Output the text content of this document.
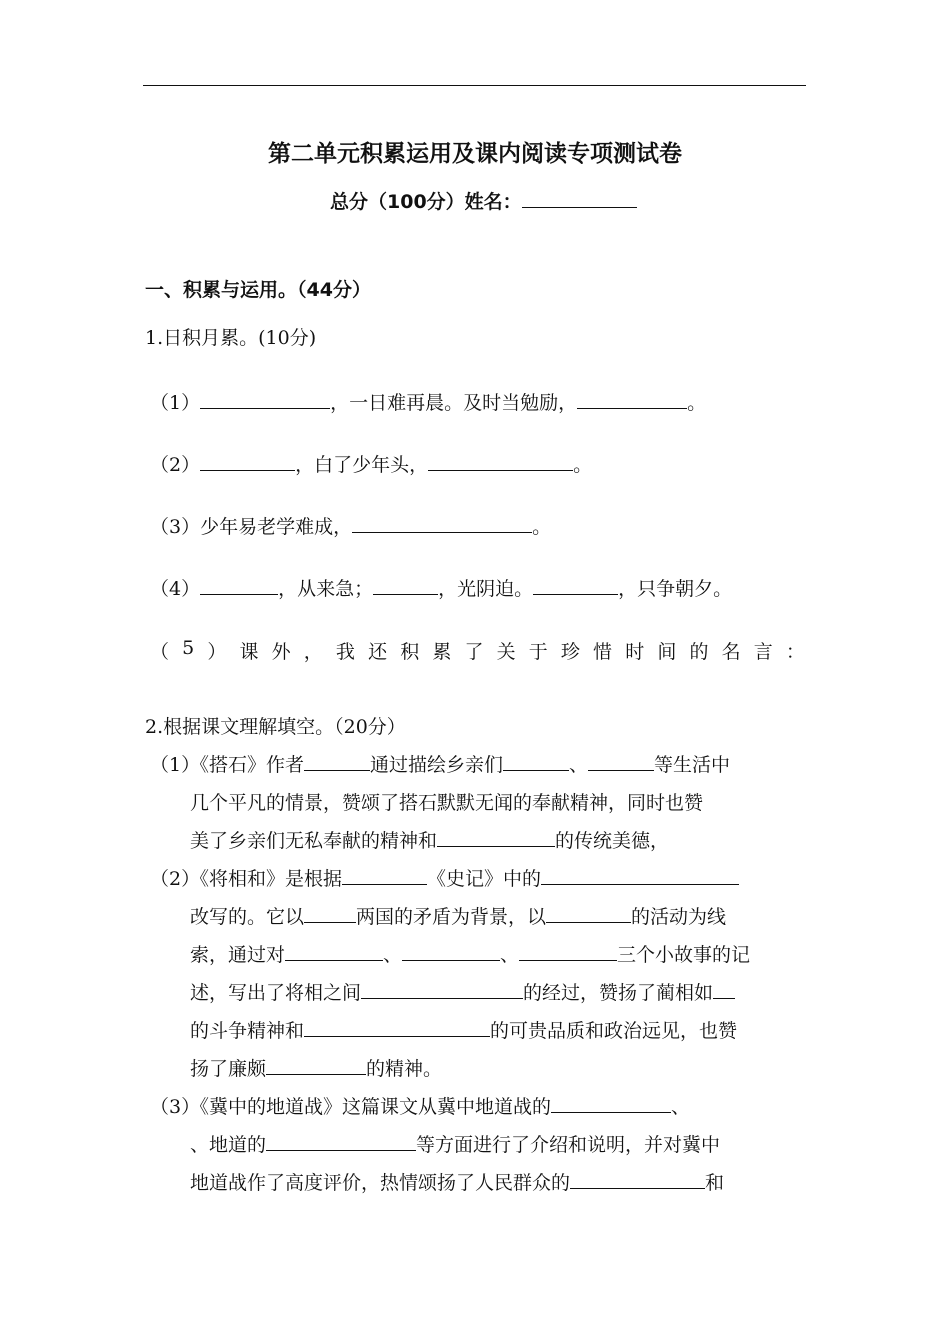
第二单元积累运用及课内阅读专项测试卷
总分（100分）姓名：
一、积累与运用。（44分）
1.日积月累。(10分)
（1）	，一日难再晨。及时当勉励，	。
（2）	，白了少年头，	。
（3）少年易老学难成，	。
（4）	，从来急；	，光阴迫。	，只争朝夕。
（ 5 ） 课 外 ， 我 还 积 累 了 关 于 珍 惜 时 间 的 名 言 ：
2.根据课文理解填空。（20分）
（1）
《搭石》作者	通过描绘乡亲们	、	等生活中
几个平凡的情景，赞颂了搭石默默无闻的奉献精神，同时也赞
美了乡亲们无私奉献的精神和	的传统美德，
（2）
《将相和》是根据	《史记》中的
改写的。它以	两国的矛盾为背景，以	的活动为线
索，通过对	、	、	三个小故事的记
述，写出了将相之间	的经过，赞扬了蔺相如
的斗争精神和	的可贵品质和政治远见，也赞
扬了廉颇	的精神。
（3）
《冀中的地道战》这篇课文从冀中地道战的	、
、地道的	等方面进行了介绍和说明，并对冀中
地道战作了高度评价，热情颂扬了人民群众的	和
